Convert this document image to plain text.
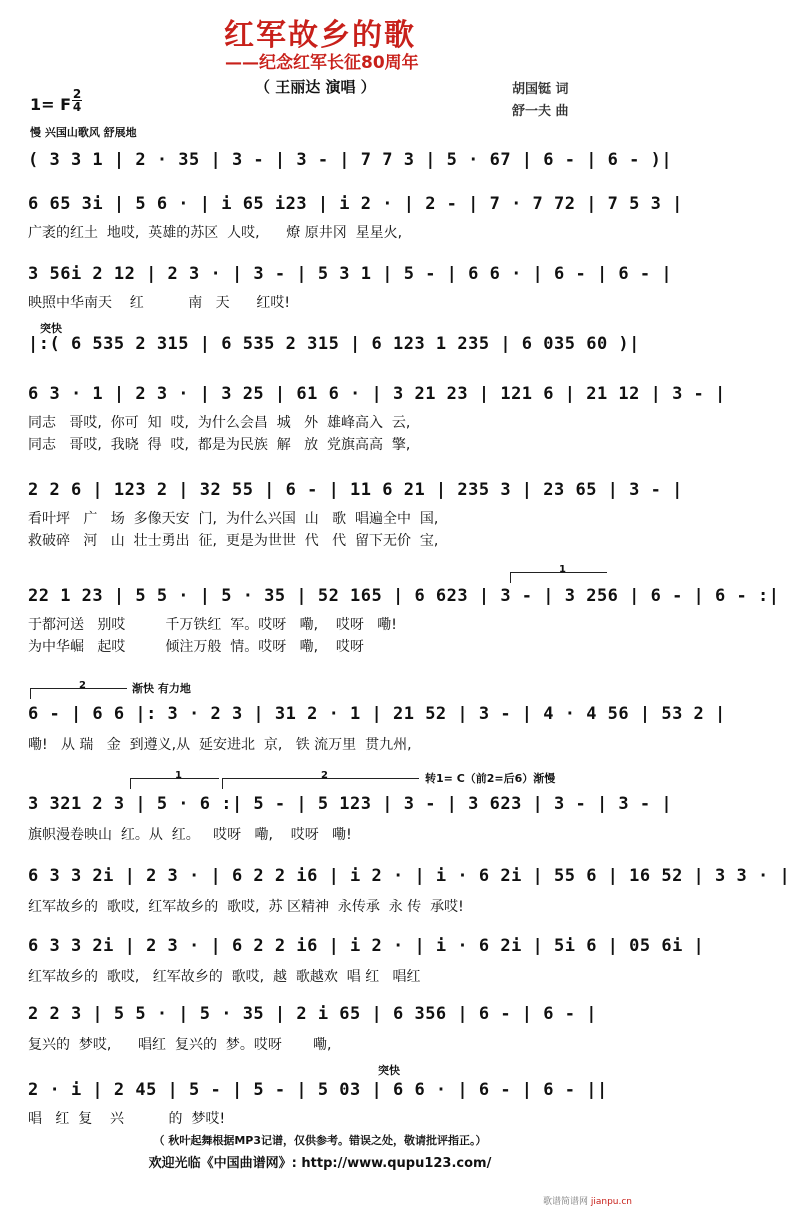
红军故乡的歌
——纪念红军长征80周年
（ 王丽达 演唱 ）	胡国铤 词
舒一夫 曲
1= F
2
4
慢 兴国山歌风 舒展地
( 3 3 1 | 2 · 35 | 3 - | 3 - | 7 7 3 | 5 · 67 | 6 - | 6 - )|
6 65 3i | 5 6 · | i 65 i23 | i 2 · | 2 - | 7 · 7 72 | 7 5 3 |
广袤的红土  地哎,  英雄的苏区  人哎,      燎 原井冈  星星火,
3 56i 2 12 | 2 3 · | 3 - | 5 3 1 | 5 - | 6 6 · | 6 - | 6 - |
映照中华南天    红          南   天      红哎!
突快
|:( 6 535 2 315 | 6 535 2 315 | 6 123 1 235 | 6 035 60 )|
6 3 · 1 | 2 3 · | 3 25 | 61 6 · | 3 21 23 | 121 6 | 21 12 | 3 - |
同志   哥哎,  你可  知  哎,  为什么会昌  城   外  雄峰高入  云,
同志   哥哎,  我晓  得  哎,  都是为民族  解   放  党旗高高  擎,
2 2 6 | 123 2 | 32 55 | 6 - | 11 6 21 | 235 3 | 23 65 | 3 - |
看叶坪   广   场  多像天安  门,  为什么兴国  山   歌  唱遍全中  国,
救破碎   河   山  壮士勇出  征,  更是为世世  代   代  留下无价  宝,
1
22 1 23 | 5 5 · | 5 · 35 | 52 165 | 6 623 | 3 - | 3 256 | 6 - | 6 - :|
于都河送   别哎         千万铁红  军。哎呀   嘞,    哎呀   嘞!
为中华崛   起哎         倾注万般  情。哎呀   嘞,    哎呀
2	渐快 有力地
6 - | 6 6 |: 3 · 2 3 | 31 2 · 1 | 21 52 | 3 - | 4 · 4 56 | 53 2 |
嘞!   从 瑞   金  到遵义,从  延安进北  京,   铁 流万里  贯九州,
1	2	转1= C（前2=后6）渐慢
3 321 2 3 | 5 · 6 :| 5 - | 5 123 | 3 - | 3 623 | 3 - | 3 - |
旗帜漫卷映山  红。从  红。   哎呀   嘞,    哎呀   嘞!
6 3 3 2i | 2 3 · | 6 2 2 i6 | i 2 · | i · 6 2i | 55 6 | 16 52 | 3 3 · |
红军故乡的  歌哎,  红军故乡的  歌哎,  苏 区精神  永传承  永 传  承哎!
6 3 3 2i | 2 3 · | 6 2 2 i6 | i 2 · | i · 6 2i | 5i 6 | 05 6i |
红军故乡的  歌哎,   红军故乡的  歌哎,  越  歌越欢  唱 红   唱红
2 2 3 | 5 5 · | 5 · 35 | 2 i 65 | 6 356 | 6 - | 6 - |
复兴的  梦哎,      唱红  复兴的  梦。哎呀       嘞,
突快
2 · i | 2 45 | 5 - | 5 - | 5 03 | 6 6 · | 6 - | 6 - ||
唱   红  复    兴          的  梦哎!
（ 秋叶起舞根据MP3记谱，仅供参考。错误之处，敬请批评指正。）
欢迎光临《中国曲谱网》: http://www.qupu123.com/
歌谱简谱网 jianpu.cn
